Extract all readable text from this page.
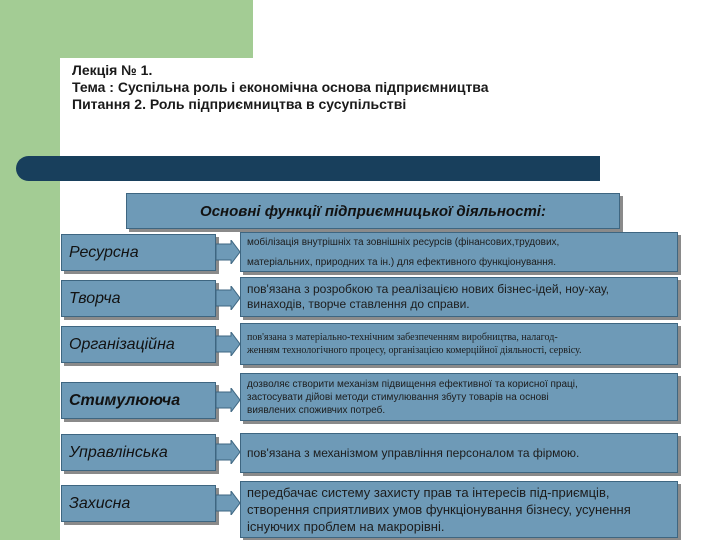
Лекція № 1.
Тема : Суспільна роль і економічна основа підприємництва
Питання 2. Роль підприємництва в сусупільстві
Основні функції підприємницької діяльності:
Ресурсна
мобілізація внутрішніх та зовнішніх ресурсів (фінансових,трудових,
матеріальних, природних та ін.) для ефективного функціонування.
Творча
пов'язана з розробкою та реалізацією нових бізнес-ідей, ноу-хау,
винаходів, творче ставлення до справи.
Організаційна	пов'язана з матеріально-технічним забезпеченням виробництва, налагод-
женням технологічного процесу, організацією комерційної діяльності, сервісу.
Стимулююча
дозволяє створити механізм підвищення ефективної та корисної праці,
застосувати дійові методи стимулювання збуту товарів на основі
виявлених споживчих потреб.
Управлінська	пов'язана з механізмом управління персоналом та фірмою.
Захисна
передбачає систему захисту прав та інтересів під-приємців,
створення сприятливих умов функціонування бізнесу, усунення
існуючих проблем на макрорівні.
